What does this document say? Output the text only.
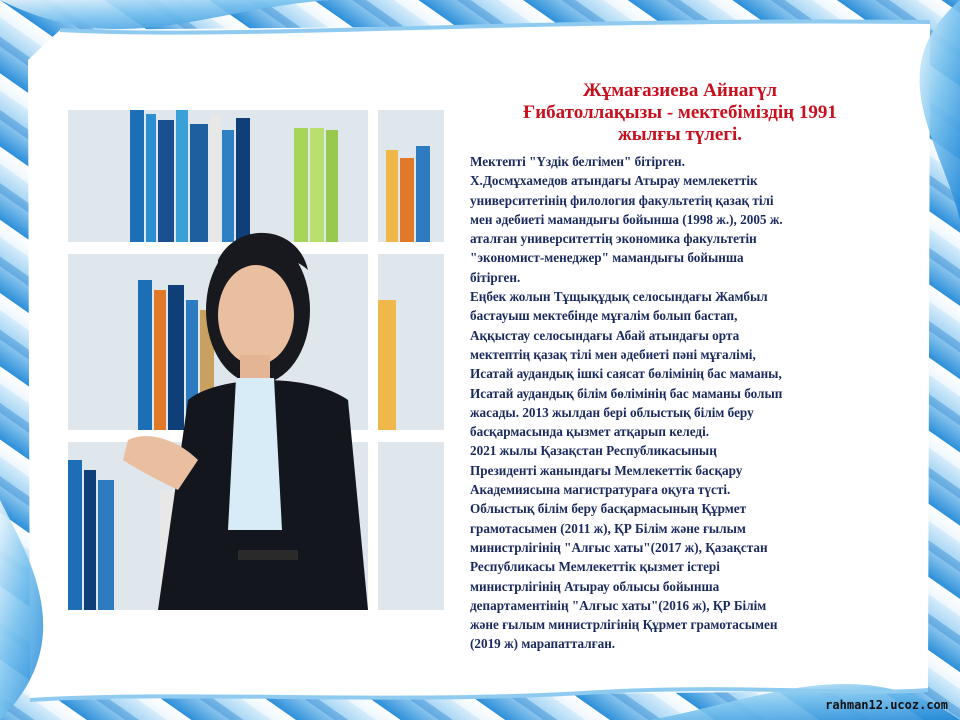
Жұмағазиева Айнагүл
Ғибатоллақызы - мектебіміздің 1991
жылғы түлегі.

Мектепті "Үздік белгімен" бітірген.
Х.Досмұхамедов атындағы Атырау мемлекеттік
университетінің филология факультетің қазақ тілі
мен әдебиеті мамандығы бойынша (1998 ж.), 2005 ж.
аталған университеттің экономика факультетін
"экономист-менеджер" мамандығы бойынша
бітірген.

Еңбек жолын Тұщықұдық селосындағы Жамбыл
бастауыш мектебінде мұғалім болып бастап,
Аққыстау селосындағы Абай атындағы орта
мектептің қазақ тілі мен әдебиеті пәні мұғалімі,
Исатай аудандық ішкі саясат бөлімінің бас маманы,
Исатай аудандық білім бөлімінің бас маманы болып
жасады. 2013 жылдан бері облыстық білім беру
басқармасында қызмет атқарып келеді.

2021 жылы Қазақстан Республикасының
Президенті жанындағы Мемлекеттік басқару
Академиясына магистратураға оқуға түсті.

Облыстық білім беру басқармасының Құрмет
грамотасымен (2011 ж), ҚР Білім және ғылым
министрлігінің "Алғыс хаты"(2017 ж), Қазақстан
Республикасы Мемлекеттік қызмет істері
министрлігінің Атырау облысы бойынша
департаментінің "Алғыс хаты"(2016 ж), ҚР Білім
және ғылым министрлігінің Құрмет грамотасымен
(2019 ж) марапатталған.

rahman12.ucoz.com
